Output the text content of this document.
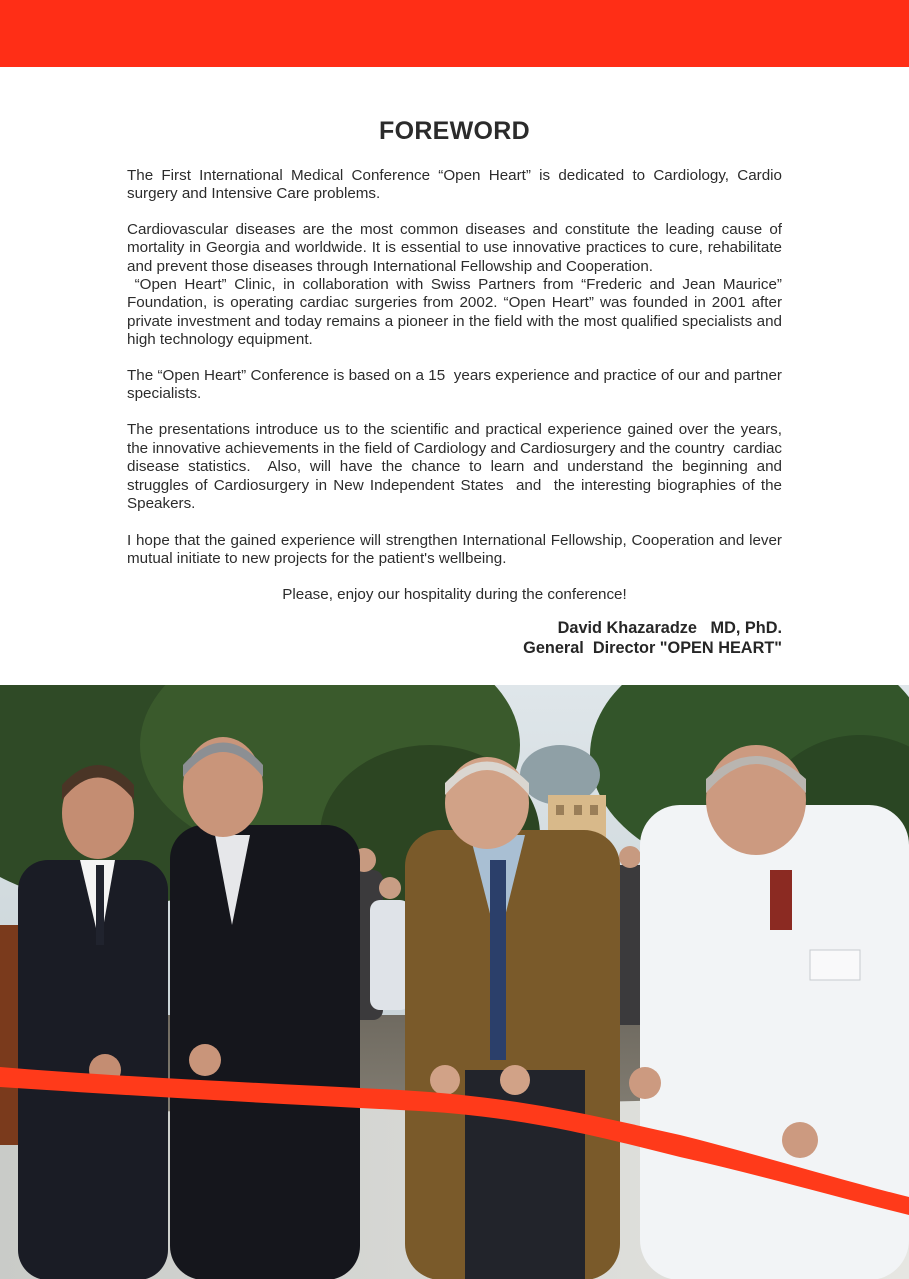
FOREWORD

The First International Medical Conference “Open Heart” is dedicated to Cardiology, Cardio surgery and Intensive Care problems.

Cardiovascular diseases are the most common diseases and constitute the leading cause of mortality in Georgia and worldwide. It is essential to use innovative practices to cure, rehabilitate and prevent those diseases through International Fellowship and Cooperation.

“Open Heart” Clinic, in collaboration with Swiss Partners from “Frederic and Jean Maurice” Foundation, is operating cardiac surgeries from 2002. “Open Heart” was founded in 2001 after private investment and today remains a pioneer in the field with the most qualified specialists and high technology equipment.

The “Open Heart” Conference is based on a 15  years experience and practice of our and partner specialists.

The presentations introduce us to the scientific and practical experience gained over the years, the innovative achievements in the field of Cardiology and Cardiosurgery and the country  cardiac disease statistics.  Also, will have the chance to learn and understand the beginning and struggles of Cardiosurgery in New Independent States  and  the interesting biographies of the Speakers.

I hope that the gained experience will strengthen International Fellowship, Cooperation and lever mutual initiate to new projects for the patient's wellbeing.

Please, enjoy our hospitality during the conference!

David Khazaradze   MD, PhD.
General  Director "OPEN HEART"
